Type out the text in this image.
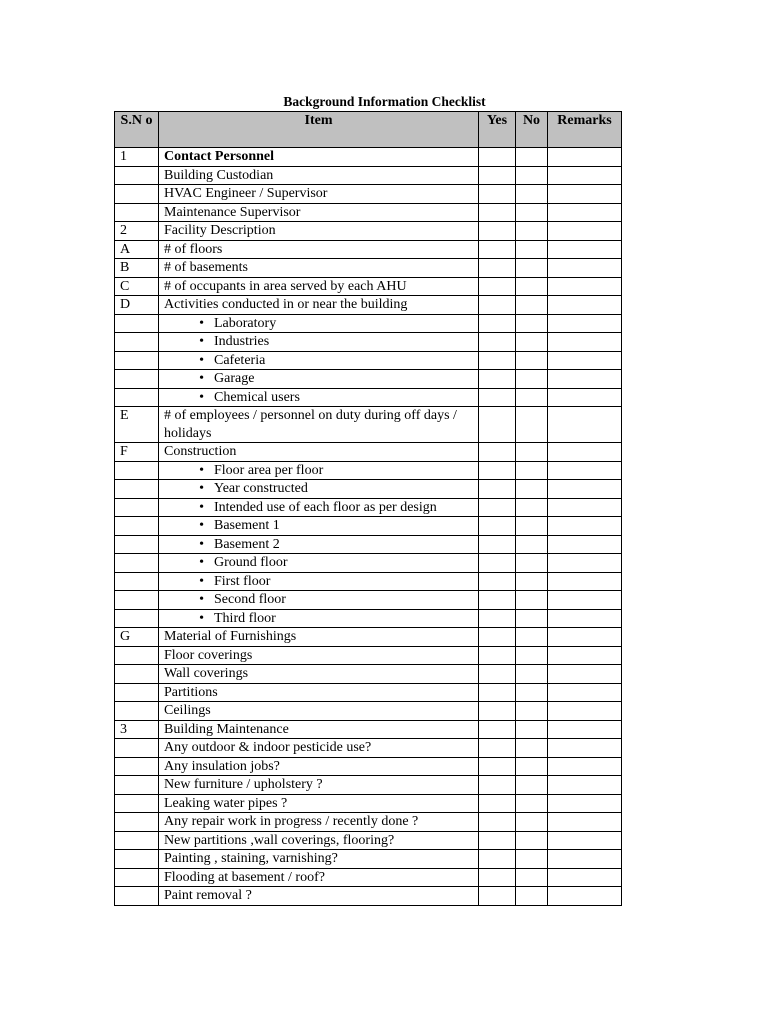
Background Information Checklist
S.N o	Item	Yes	No	Remarks
1	Contact Personnel			
	Building Custodian			
	HVAC Engineer / Supervisor			
	Maintenance Supervisor			
2	Facility Description			
A	# of floors			
B	# of basements			
C	# of occupants in area served by each AHU			
D	Activities conducted in or near the building			
	•Laboratory			
	•Industries			
	•Cafeteria			
	•Garage			
	•Chemical users			
E	# of employees / personnel on duty during off days / holidays			
F	Construction			
	•Floor area per floor			
	•Year constructed			
	•Intended use of each floor as per design			
	•Basement 1			
	•Basement 2			
	•Ground floor			
	•First floor			
	•Second floor			
	•Third floor			
G	Material of Furnishings			
	Floor coverings			
	Wall coverings			
	Partitions			
	Ceilings			
3	Building Maintenance			
	Any outdoor & indoor pesticide use?			
	Any insulation jobs?			
	New furniture / upholstery ?			
	Leaking water pipes ?			
	Any repair work in progress / recently done ?			
	New partitions ,wall coverings, flooring?			
	Painting , staining, varnishing?			
	Flooding at basement / roof?			
	Paint removal ?			
